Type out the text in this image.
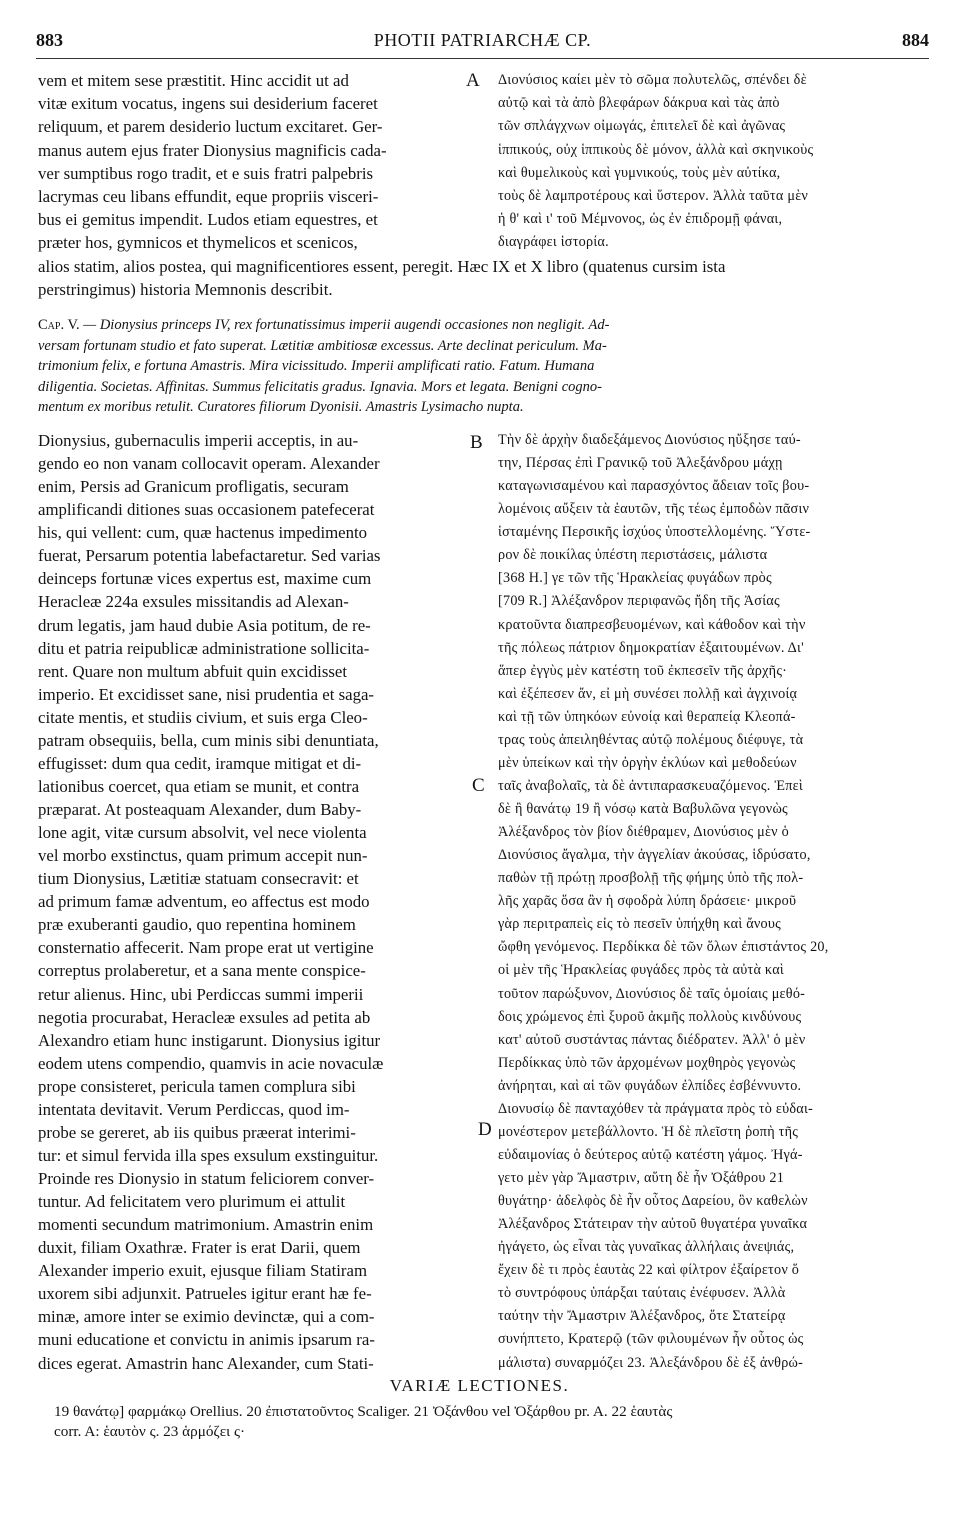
883	PHOTII PATRIARCHÆ CP.	884
A
B
C
D
vem et mitem sese præstitit. Hinc accidit ut ad
vitæ exitum vocatus, ingens sui desiderium faceret
reliquum, et parem desiderio luctum excitaret. Ger-
manus autem ejus frater Dionysius magnificis cada-
ver sumptibus rogo tradit, et e suis fratri palpebris
lacrymas ceu libans effundit, eque propriis visceri-
bus ei gemitus impendit. Ludos etiam equestres, et
præter hos, gymnicos et thymelicos et scenicos,
Διονύσιος καίει μὲν τὸ σῶμα πολυτελῶς, σπένδει δὲ
αὐτῷ καὶ τὰ ἀπὸ βλεφάρων δάκρυα καὶ τὰς ἀπὸ
τῶν σπλάγχνων οἰμωγάς, ἐπιτελεῖ δὲ καὶ ἀγῶνας
ἱππικούς, οὐχ ἱππικοὺς δὲ μόνον, ἀλλὰ καὶ σκηνικοὺς
καὶ θυμελικοὺς καὶ γυμνικούς, τοὺς μὲν αὐτίκα,
τοὺς δὲ λαμπροτέρους καὶ ὕστερον. Ἀλλὰ ταῦτα μὲν
ἡ θ' καὶ ι' τοῦ Μέμνονος, ὡς ἐν ἐπιδρομῇ φάναι,
διαγράφει ἱστορία.
alios statim, alios postea, qui magnificentiores essent, peregit. Hæc IX et X libro (quatenus cursim ista
perstringimus) historia Memnonis describit.
Cap. V. — Dionysius princeps IV, rex fortunatissimus imperii augendi occasiones non negligit. Ad-
versam fortunam studio et fato superat. Lætitiæ ambitiosæ excessus. Arte declinat periculum. Ma-
trimonium felix, e fortuna Amastris. Mira vicissitudo. Imperii amplificati ratio. Fatum. Humana
diligentia. Societas. Affinitas. Summus felicitatis gradus. Ignavia. Mors et legata. Benigni cogno-
mentum ex moribus retulit. Curatores filiorum Dyonisii. Amastris Lysimacho nupta.
Dionysius, gubernaculis imperii acceptis, in au-
gendo eo non vanam collocavit operam. Alexander
enim, Persis ad Granicum profligatis, securam
amplificandi ditiones suas occasionem patefecerat
his, qui vellent: cum, quæ hactenus impedimento
fuerat, Persarum potentia labefactaretur. Sed varias
deinceps fortunæ vices expertus est, maxime cum
Heracleæ 224a exsules missitandis ad Alexan-
drum legatis, jam haud dubie Asia potitum, de re-
ditu et patria reipublicæ administratione sollicita-
rent. Quare non multum abfuit quin excidisset
imperio. Et excidisset sane, nisi prudentia et saga-
citate mentis, et studiis civium, et suis erga Cleo-
patram obsequiis, bella, cum minis sibi denuntiata,
effugisset: dum qua cedit, iramque mitigat et di-
lationibus coercet, qua etiam se munit, et contra
præparat. At posteaquam Alexander, dum Baby-
lone agit, vitæ cursum absolvit, vel nece violenta
vel morbo exstinctus, quam primum accepit nun-
tium Dionysius, Lætitiæ statuam consecravit: et
ad primum famæ adventum, eo affectus est modo
præ exuberanti gaudio, quo repentina hominem
consternatio affecerit. Nam prope erat ut vertigine
correptus prolaberetur, et a sana mente conspice-
retur alienus. Hinc, ubi Perdiccas summi imperii
negotia procurabat, Heracleæ exsules ad petita ab
Alexandro etiam hunc instigarunt. Dionysius igitur
eodem utens compendio, quamvis in acie novaculæ
prope consisteret, pericula tamen complura sibi
intentata devitavit. Verum Perdiccas, quod im-
probe se gereret, ab iis quibus præerat interimi-
tur: et simul fervida illa spes exsulum exstinguitur.
Proinde res Dionysio in statum feliciorem conver-
tuntur. Ad felicitatem vero plurimum ei attulit
momenti secundum matrimonium. Amastrin enim
duxit, filiam Oxathræ. Frater is erat Darii, quem
Alexander imperio exuit, ejusque filiam Statiram
uxorem sibi adjunxit. Patrueles igitur erant hæ fe-
minæ, amore inter se eximio devinctæ, qui a com-
muni educatione et convictu in animis ipsarum ra-
dices egerat. Amastrin hanc Alexander, cum Stati-
Τὴν δὲ ἀρχὴν διαδεξάμενος Διονύσιος ηὔξησε ταύ-
την, Πέρσας ἐπὶ Γρανικῷ τοῦ Ἀλεξάνδρου μάχῃ
καταγωνισαμένου καὶ παρασχόντος ἄδειαν τοῖς βου-
λομένοις αὔξειν τὰ ἑαυτῶν, τῆς τέως ἐμποδὼν πᾶσιν
ἱσταμένης Περσικῆς ἰσχύος ὑποστελλομένης. Ὕστε-
ρον δὲ ποικίλας ὑπέστη περιστάσεις, μάλιστα
[368 H.] γε τῶν τῆς Ἡρακλείας φυγάδων πρὸς
[709 R.] Ἀλέξανδρον περιφανῶς ἤδη τῆς Ἀσίας
κρατοῦντα διαπρεσβευομένων, καὶ κάθοδον καὶ τὴν
τῆς πόλεως πάτριον δημοκρατίαν ἐξαιτουμένων. Δι'
ἅπερ ἐγγὺς μὲν κατέστη τοῦ ἐκπεσεῖν τῆς ἀρχῆς·
καὶ ἐξέπεσεν ἄν, εἰ μὴ συνέσει πολλῇ καὶ ἀγχινοίᾳ
καὶ τῇ τῶν ὑπηκόων εὐνοίᾳ καὶ θεραπείᾳ Κλεοπά-
τρας τοὺς ἀπειληθέντας αὐτῷ πολέμους διέφυγε, τὰ
μὲν ὑπείκων καὶ τὴν ὀργὴν ἐκλύων καὶ μεθοδεύων
ταῖς ἀναβολαῖς, τὰ δὲ ἀντιπαρασκευαζόμενος. Ἐπεὶ
δὲ ἢ θανάτῳ 19 ἢ νόσῳ κατὰ Βαβυλῶνα γεγονὼς
Ἀλέξανδρος τὸν βίον διέθραμεν, Διονύσιος μὲν ὁ
Διονύσιος ἄγαλμα, τὴν ἀγγελίαν ἀκούσας, ἱδρύσατο,
παθὼν τῇ πρώτῃ προσβολῇ τῆς φήμης ὑπὸ τῆς πολ-
λῆς χαρᾶς ὅσα ἂν ἡ σφοδρὰ λύπη δράσειε· μικροῦ
γὰρ περιτραπεὶς εἰς τὸ πεσεῖν ὑπήχθη καὶ ἄνους
ὤφθη γενόμενος. Περδίκκα δὲ τῶν ὅλων ἐπιστάντος 20,
οἱ μὲν τῆς Ἡρακλείας φυγάδες πρὸς τὰ αὐτὰ καὶ
τοῦτον παρώξυνον, Διονύσιος δὲ ταῖς ὁμοίαις μεθό-
δοις χρώμενος ἐπὶ ξυροῦ ἀκμῆς πολλοὺς κινδύνους
κατ' αὐτοῦ συστάντας πάντας διέδρατεν. Ἀλλ' ὁ μὲν
Περδίκκας ὑπὸ τῶν ἀρχομένων μοχθηρὸς γεγονὼς
ἀνήρηται, καὶ αἱ τῶν φυγάδων ἐλπίδες ἐσβέννυντο.
Διονυσίῳ δὲ πανταχόθεν τὰ πράγματα πρὸς τὸ εὐδαι-
μονέστερον μετεβάλλοντο. Ἡ δὲ πλεῖστη ῥοπὴ τῆς
εὐδαιμονίας ὁ δεύτερος αὐτῷ κατέστη γάμος. Ἠγά-
γετο μὲν γὰρ Ἄμαστριν, αὕτη δὲ ἦν Ὀξάθρου 21
θυγάτηρ· ἀδελφὸς δὲ ἦν οὗτος Δαρείου, ὃν καθελὼν
Ἀλέξανδρος Στάτειραν τὴν αὐτοῦ θυγατέρα γυναῖκα
ἠγάγετο, ὡς εἶναι τὰς γυναῖκας ἀλλήλαις ἀνεψιάς,
ἔχειν δὲ τι πρὸς ἑαυτὰς 22 καὶ φίλτρον ἐξαίρετον ὅ
τὸ συντρόφους ὑπάρξαι ταύταις ἐνέφυσεν. Ἀλλὰ
ταύτην τὴν Ἄμαστριν Ἀλέξανδρος, ὅτε Στατείρᾳ
συνήπτετο, Κρατερῷ (τῶν φιλουμένων ἦν οὗτος ὡς
μάλιστα) συναρμόζει 23. Ἀλεξάνδρου δὲ ἐξ ἀνθρώ-
VARIÆ LECTIONES.
19 θανάτῳ] φαρμάκῳ Orellius. 20 ἐπιστατοῦντος Scaliger. 21 Ὀξάνθου vel Ὀξάρθου pr. A. 22 ἑαυτὰς
corr. A: ἑαυτὸν ς. 23 ἁρμόζει ς·
